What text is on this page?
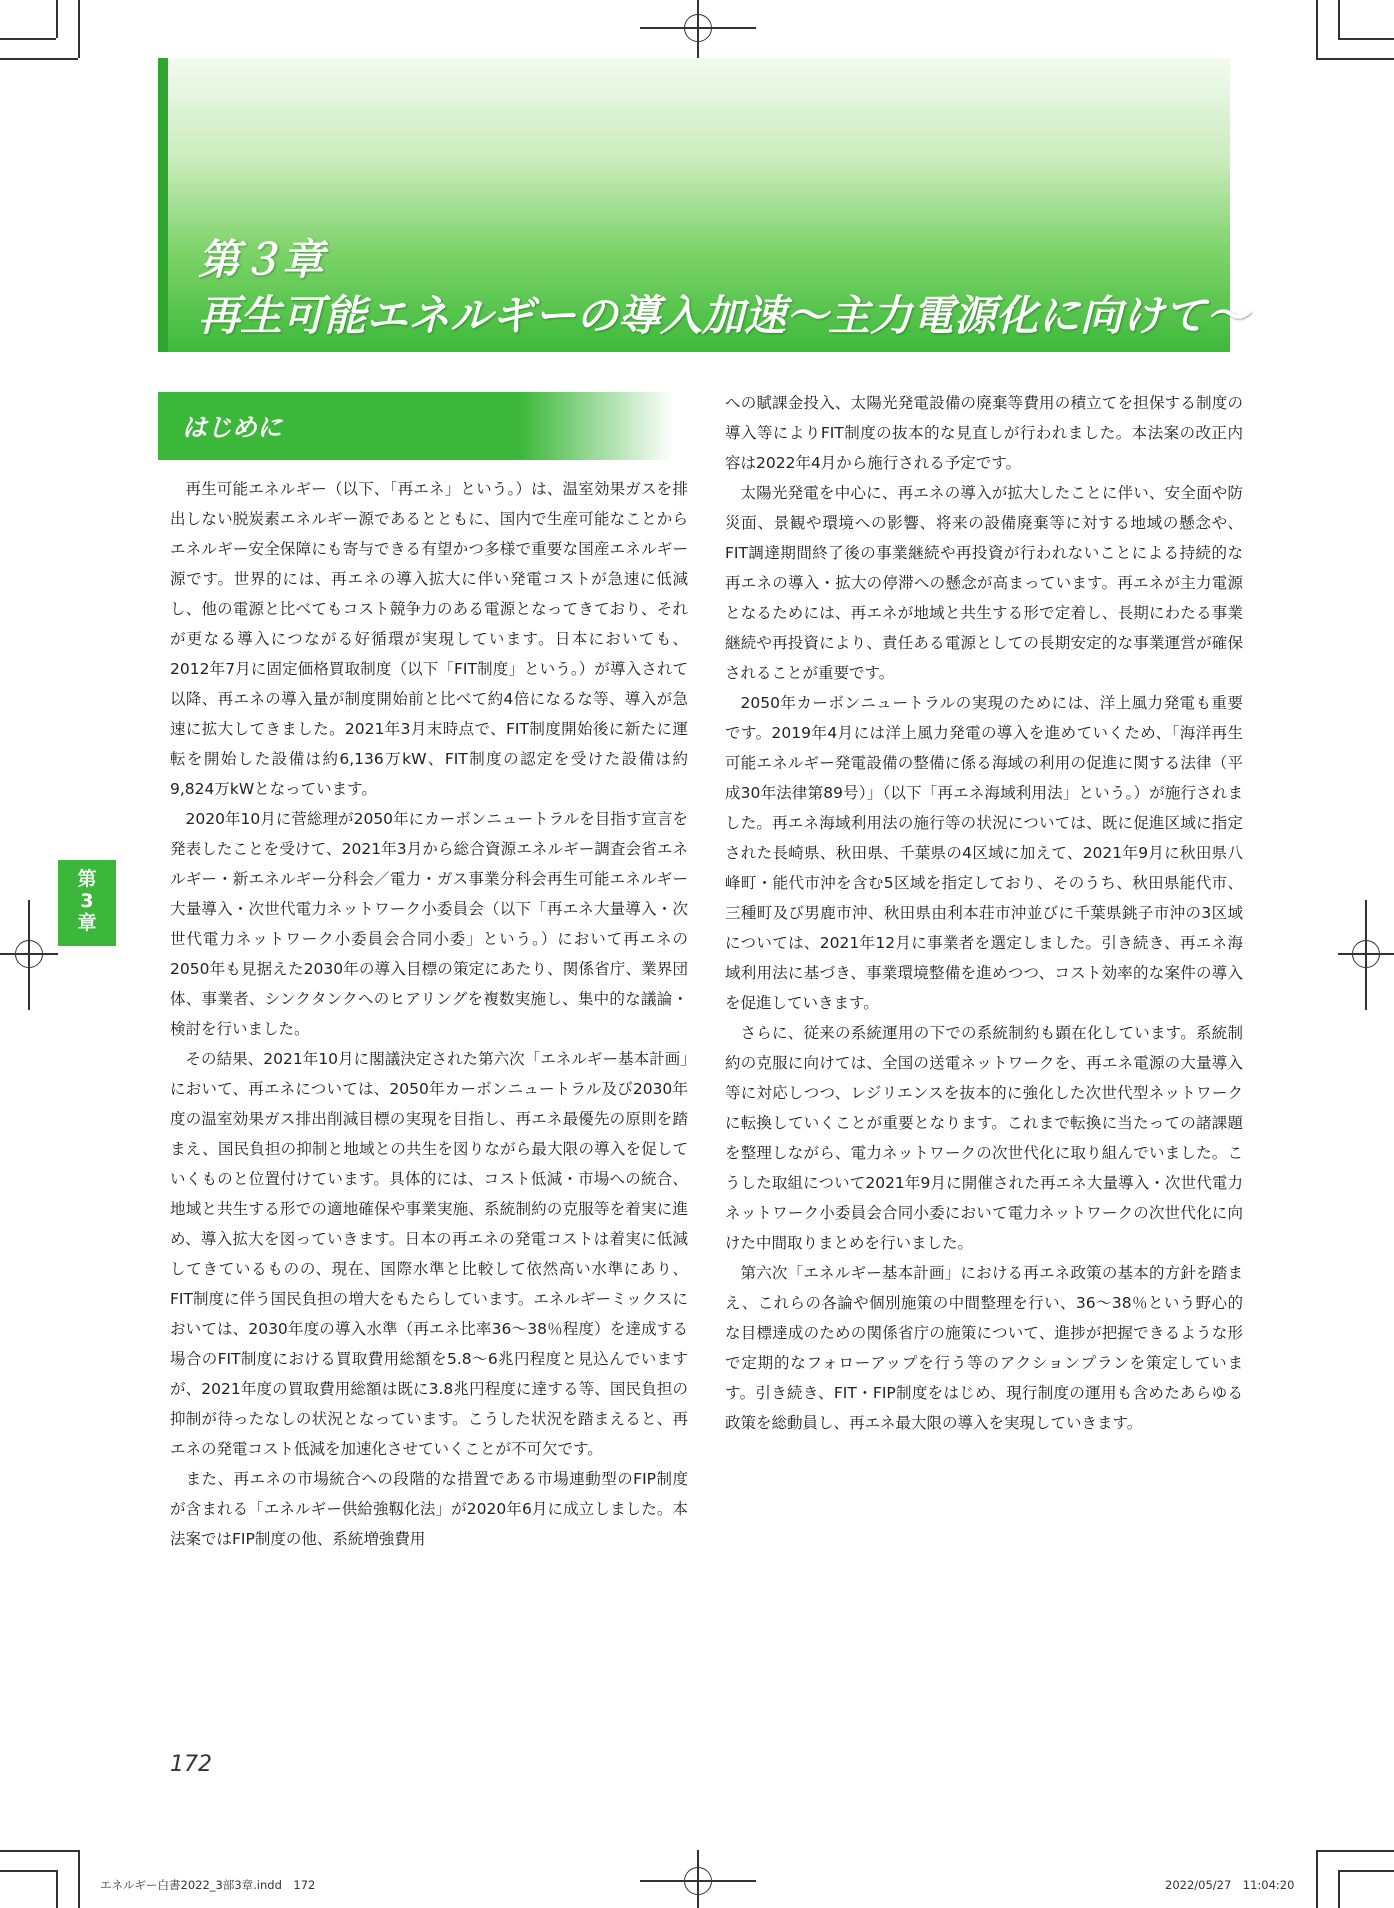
第３章
再生可能エネルギーの導入加速～主力電源化に向けて～
はじめに
第
3
章

再生可能エネルギー（以下、「再エネ」という。）は、温室効果ガスを排出しない脱炭素エネルギー源であるとともに、国内で生産可能なことからエネルギー安全保障にも寄与できる有望かつ多様で重要な国産エネルギー源です。世界的には、再エネの導入拡大に伴い発電コストが急速に低減し、他の電源と比べてもコスト競争力のある電源となってきており、それが更なる導入につながる好循環が実現しています。日本においても、2012年7月に固定価格買取制度（以下「FIT制度」という。）が導入されて以降、再エネの導入量が制度開始前と比べて約4倍になるな等、導入が急速に拡大してきました。2021年3月末時点で、FIT制度開始後に新たに運転を開始した設備は約6,136万kW、FIT制度の認定を受けた設備は約9,824万kWとなっています。

2020年10月に菅総理が2050年にカーボンニュートラルを目指す宣言を発表したことを受けて、2021年3月から総合資源エネルギー調査会省エネルギー・新エネルギー分科会／電力・ガス事業分科会再生可能エネルギー大量導入・次世代電力ネットワーク小委員会（以下「再エネ大量導入・次世代電力ネットワーク小委員会合同小委」という。）において再エネの2050年も見据えた2030年の導入目標の策定にあたり、関係省庁、業界団体、事業者、シンクタンクへのヒアリングを複数実施し、集中的な議論・検討を行いました。

その結果、2021年10月に閣議決定された第六次「エネルギー基本計画」において、再エネについては、2050年カーボンニュートラル及び2030年度の温室効果ガス排出削減目標の実現を目指し、再エネ最優先の原則を踏まえ、国民負担の抑制と地域との共生を図りながら最大限の導入を促していくものと位置付けています。具体的には、コスト低減・市場への統合、地域と共生する形での適地確保や事業実施、系統制約の克服等を着実に進め、導入拡大を図っていきます。日本の再エネの発電コストは着実に低減してきているものの、現在、国際水準と比較して依然高い水準にあり、FIT制度に伴う国民負担の増大をもたらしています。エネルギーミックスにおいては、2030年度の導入水準（再エネ比率36～38％程度）を達成する場合のFIT制度における買取費用総額を5.8～6兆円程度と見込んでいますが、2021年度の買取費用総額は既に3.8兆円程度に達する等、国民負担の抑制が待ったなしの状況となっています。こうした状況を踏まえると、再エネの発電コスト低減を加速化させていくことが不可欠です。

また、再エネの市場統合への段階的な措置である市場連動型のFIP制度が含まれる「エネルギー供給強靱化法」が2020年6月に成立しました。本法案ではFIP制度の他、系統増強費用

への賦課金投入、太陽光発電設備の廃棄等費用の積立てを担保する制度の導入等によりFIT制度の抜本的な見直しが行われました。本法案の改正内容は2022年4月から施行される予定です。

太陽光発電を中心に、再エネの導入が拡大したことに伴い、安全面や防災面、景観や環境への影響、将来の設備廃棄等に対する地域の懸念や、FIT調達期間終了後の事業継続や再投資が行われないことによる持続的な再エネの導入・拡大の停滞への懸念が高まっています。再エネが主力電源となるためには、再エネが地域と共生する形で定着し、長期にわたる事業継続や再投資により、責任ある電源としての長期安定的な事業運営が確保されることが重要です。

2050年カーボンニュートラルの実現のためには、洋上風力発電も重要です。2019年4月には洋上風力発電の導入を進めていくため、「海洋再生可能エネルギー発電設備の整備に係る海域の利用の促進に関する法律（平成30年法律第89号）」（以下「再エネ海域利用法」という。）が施行されました。再エネ海域利用法の施行等の状況については、既に促進区域に指定された長崎県、秋田県、千葉県の4区域に加えて、2021年9月に秋田県八峰町・能代市沖を含む5区域を指定しており、そのうち、秋田県能代市、三種町及び男鹿市沖、秋田県由利本荘市沖並びに千葉県銚子市沖の3区域については、2021年12月に事業者を選定しました。引き続き、再エネ海域利用法に基づき、事業環境整備を進めつつ、コスト効率的な案件の導入を促進していきます。

さらに、従来の系統運用の下での系統制約も顕在化しています。系統制約の克服に向けては、全国の送電ネットワークを、再エネ電源の大量導入等に対応しつつ、レジリエンスを抜本的に強化した次世代型ネットワークに転換していくことが重要となります。これまで転換に当たっての諸課題を整理しながら、電力ネットワークの次世代化に取り組んでいました。こうした取組について2021年9月に開催された再エネ大量導入・次世代電力ネットワーク小委員会合同小委において電力ネットワークの次世代化に向けた中間取りまとめを行いました。

第六次「エネルギー基本計画」における再エネ政策の基本的方針を踏まえ、これらの各論や個別施策の中間整理を行い、36～38％という野心的な目標達成のための関係省庁の施策について、進捗が把握できるような形で定期的なフォローアップを行う等のアクションプランを策定しています。引き続き、FIT・FIP制度をはじめ、現行制度の運用も含めたあらゆる政策を総動員し、再エネ最大限の導入を実現していきます。

172
エネルギー白書2022_3部3章.indd　172	2022/05/27　11:04:20
